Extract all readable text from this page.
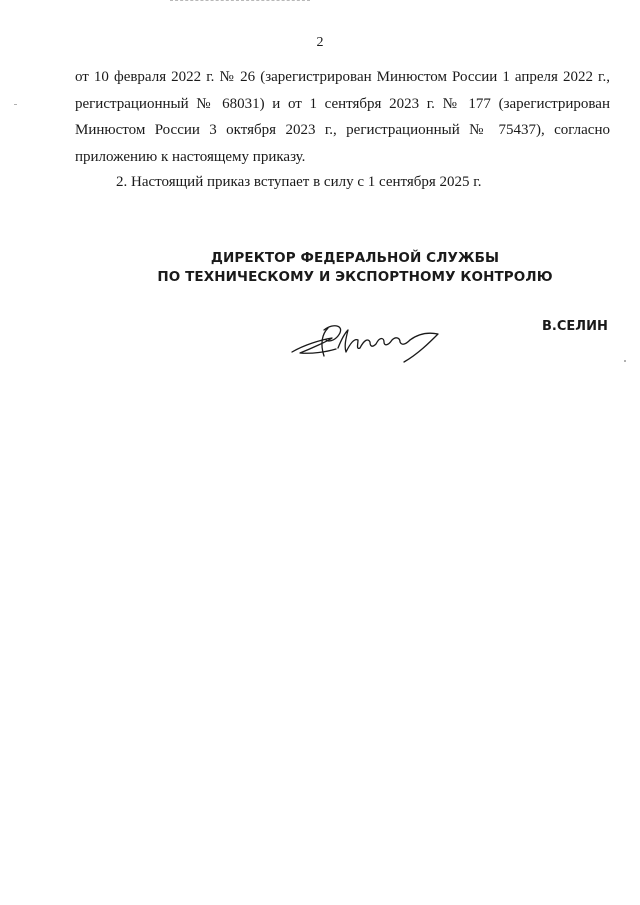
2
от 10 февраля 2022 г. № 26 (зарегистрирован Минюстом России 1 апреля 2022 г.,
регистрационный № 68031) и от 1 сентября 2023 г. № 177 (зарегистрирован
Минюстом России 3 октября 2023 г., регистрационный № 75437), согласно
приложению к настоящему приказу.
2. Настоящий приказ вступает в силу с 1 сентября 2025 г.
ДИРЕКТОР ФЕДЕРАЛЬНОЙ СЛУЖБЫ
ПО ТЕХНИЧЕСКОМУ И ЭКСПОРТНОМУ КОНТРОЛЮ
В.СЕЛИН
